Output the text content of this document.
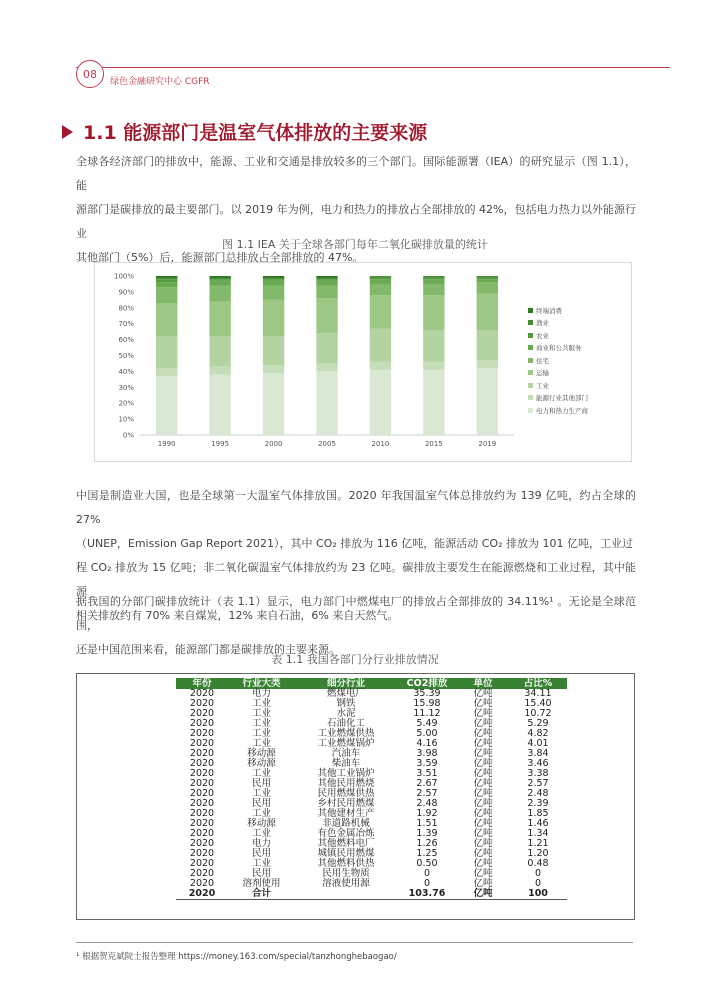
08
绿色金融研究中心 CGFR
1.1 能源部门是温室气体排放的主要来源
全球各经济部门的排放中，能源、工业和交通是排放较多的三个部门。国际能源署（IEA）的研究显示（图 1.1），能
源部门是碳排放的最主要部门。以 2019 年为例，电力和热力的排放占全部排放的 42%，包括电力热力以外能源行业
其他部门（5%）后，能源部门总排放占全部排放的 47%。
图 1.1 IEA 关于全球各部门每年二氧化碳排放量的统计
0%
10%
20%
30%
40%
50%
60%
70%
80%
90%
100%
1990	1995	2000	2005	2010	2015	2019
终端消费
渔业
农业
商业和公共服务
住宅
运输
工业
能源行业其他部门
电力和热力生产商
中国是制造业大国，也是全球第一大温室气体排放国。2020 年我国温室气体总排放约为 139 亿吨，约占全球的 27%
（UNEP，Emission Gap Report 2021），其中 CO₂ 排放为 116 亿吨，能源活动 CO₂ 排放为 101 亿吨，工业过
程 CO₂ 排放为 15 亿吨；非二氧化碳温室气体排放约为 23 亿吨。碳排放主要发生在能源燃烧和工业过程，其中能源
相关排放约有 70% 来自煤炭，12% 来自石油，6% 来自天然气。
据我国的分部门碳排放统计（表 1.1）显示，电力部门中燃煤电厂的排放占全部排放的 34.11%¹ 。无论是全球范围，
还是中国范围来看，能源部门都是碳排放的主要来源。
表 1.1 我国各部门分行业排放情况
年份	行业大类	细分行业	CO2排放	单位	占比%
2020	电力	燃煤电厂	35.39	亿吨	34.11
2020	工业	钢铁	15.98	亿吨	15.40
2020	工业	水泥	11.12	亿吨	10.72
2020	工业	石油化工	5.49	亿吨	5.29
2020	工业	工业燃煤供热	5.00	亿吨	4.82
2020	工业	工业燃煤锅炉	4.16	亿吨	4.01
2020	移动源	汽油车	3.98	亿吨	3.84
2020	移动源	柴油车	3.59	亿吨	3.46
2020	工业	其他工业锅炉	3.51	亿吨	3.38
2020	民用	其他民用燃烧	2.67	亿吨	2.57
2020	工业	民用燃煤供热	2.57	亿吨	2.48
2020	民用	乡村民用燃煤	2.48	亿吨	2.39
2020	工业	其他建材生产	1.92	亿吨	1.85
2020	移动源	非道路机械	1.51	亿吨	1.46
2020	工业	有色金属冶炼	1.39	亿吨	1.34
2020	电力	其他燃料电厂	1.26	亿吨	1.21
2020	民用	城镇民用燃煤	1.25	亿吨	1.20
2020	工业	其他燃料供热	0.50	亿吨	0.48
2020	民用	民用生物质	0	亿吨	0
2020	溶剂使用	溶液使用源	0	亿吨	0
2020	合计		103.76	亿吨	100
¹ 根据贺克斌院士报告整理 https://money.163.com/special/tanzhonghebaogao/
